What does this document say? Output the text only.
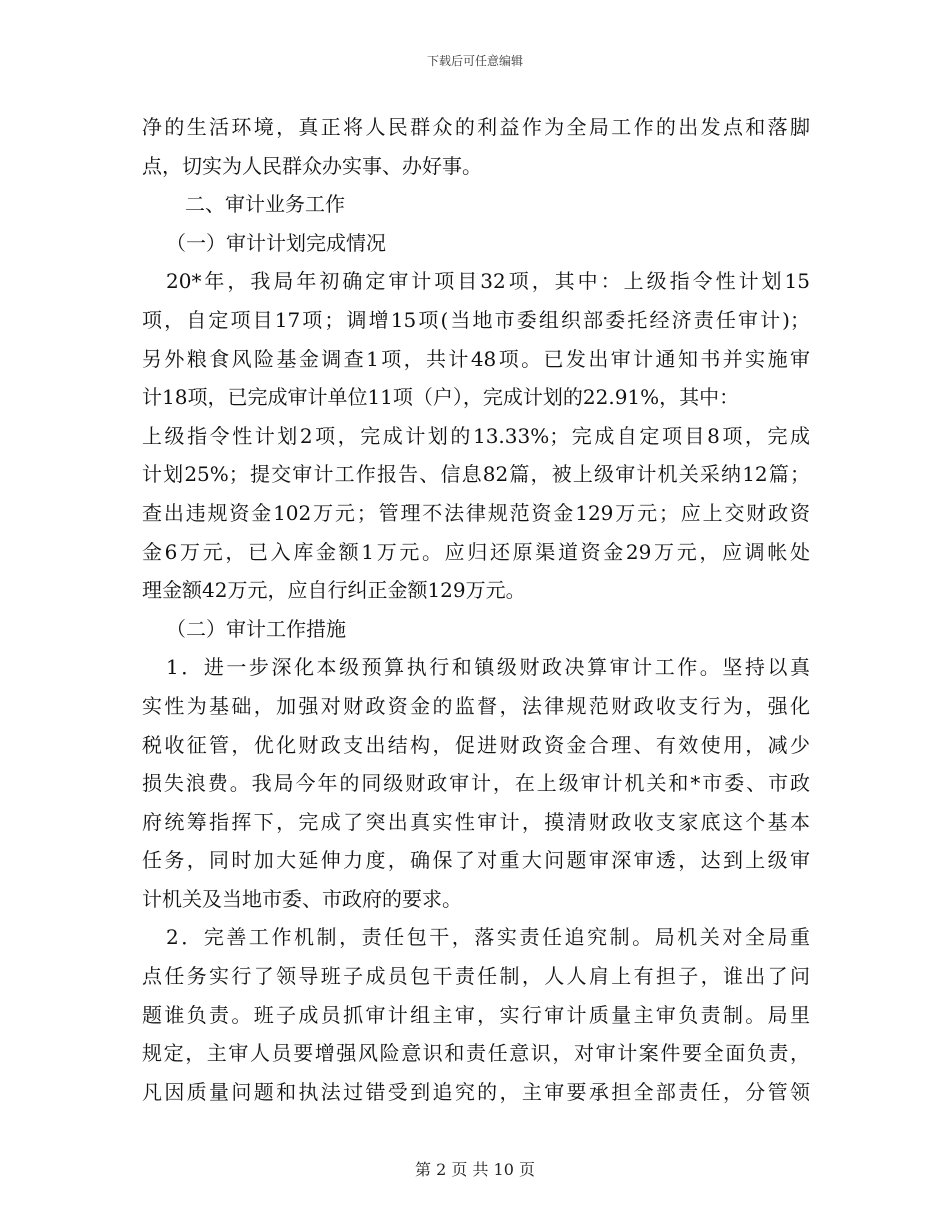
下载后可任意编辑
净的生活环境，真正将人民群众的利益作为全局工作的出发点和落脚
点，切实为人民群众办实事、办好事。
二、审计业务工作
（一）审计计划完成情况
20*年，我局年初确定审计项目32项，其中：上级指令性计划15
项，自定项目17项；调增15项(当地市委组织部委托经济责任审计)；
另外粮食风险基金调查1项，共计48项。已发出审计通知书并实施审
计18项，已完成审计单位11项（户），完成计划的22.91%，其中：
上级指令性计划2项，完成计划的13.33%；完成自定项目8项，完成
计划25%；提交审计工作报告、信息82篇，被上级审计机关采纳12篇；
查出违规资金102万元；管理不法律规范资金129万元；应上交财政资
金6万元，已入库金额1万元。应归还原渠道资金29万元，应调帐处
理金额42万元，应自行纠正金额129万元。
（二）审计工作措施
1．进一步深化本级预算执行和镇级财政决算审计工作。坚持以真
实性为基础，加强对财政资金的监督，法律规范财政收支行为，强化
税收征管，优化财政支出结构，促进财政资金合理、有效使用，减少
损失浪费。我局今年的同级财政审计，在上级审计机关和*市委、市政
府统筹指挥下，完成了突出真实性审计，摸清财政收支家底这个基本
任务，同时加大延伸力度，确保了对重大问题审深审透，达到上级审
计机关及当地市委、市政府的要求。
2．完善工作机制，责任包干，落实责任追究制。局机关对全局重
点任务实行了领导班子成员包干责任制，人人肩上有担子，谁出了问
题谁负责。班子成员抓审计组主审，实行审计质量主审负责制。局里
规定，主审人员要增强风险意识和责任意识，对审计案件要全面负责，
凡因质量问题和执法过错受到追究的，主审要承担全部责任，分管领
第 2 页 共 10 页
